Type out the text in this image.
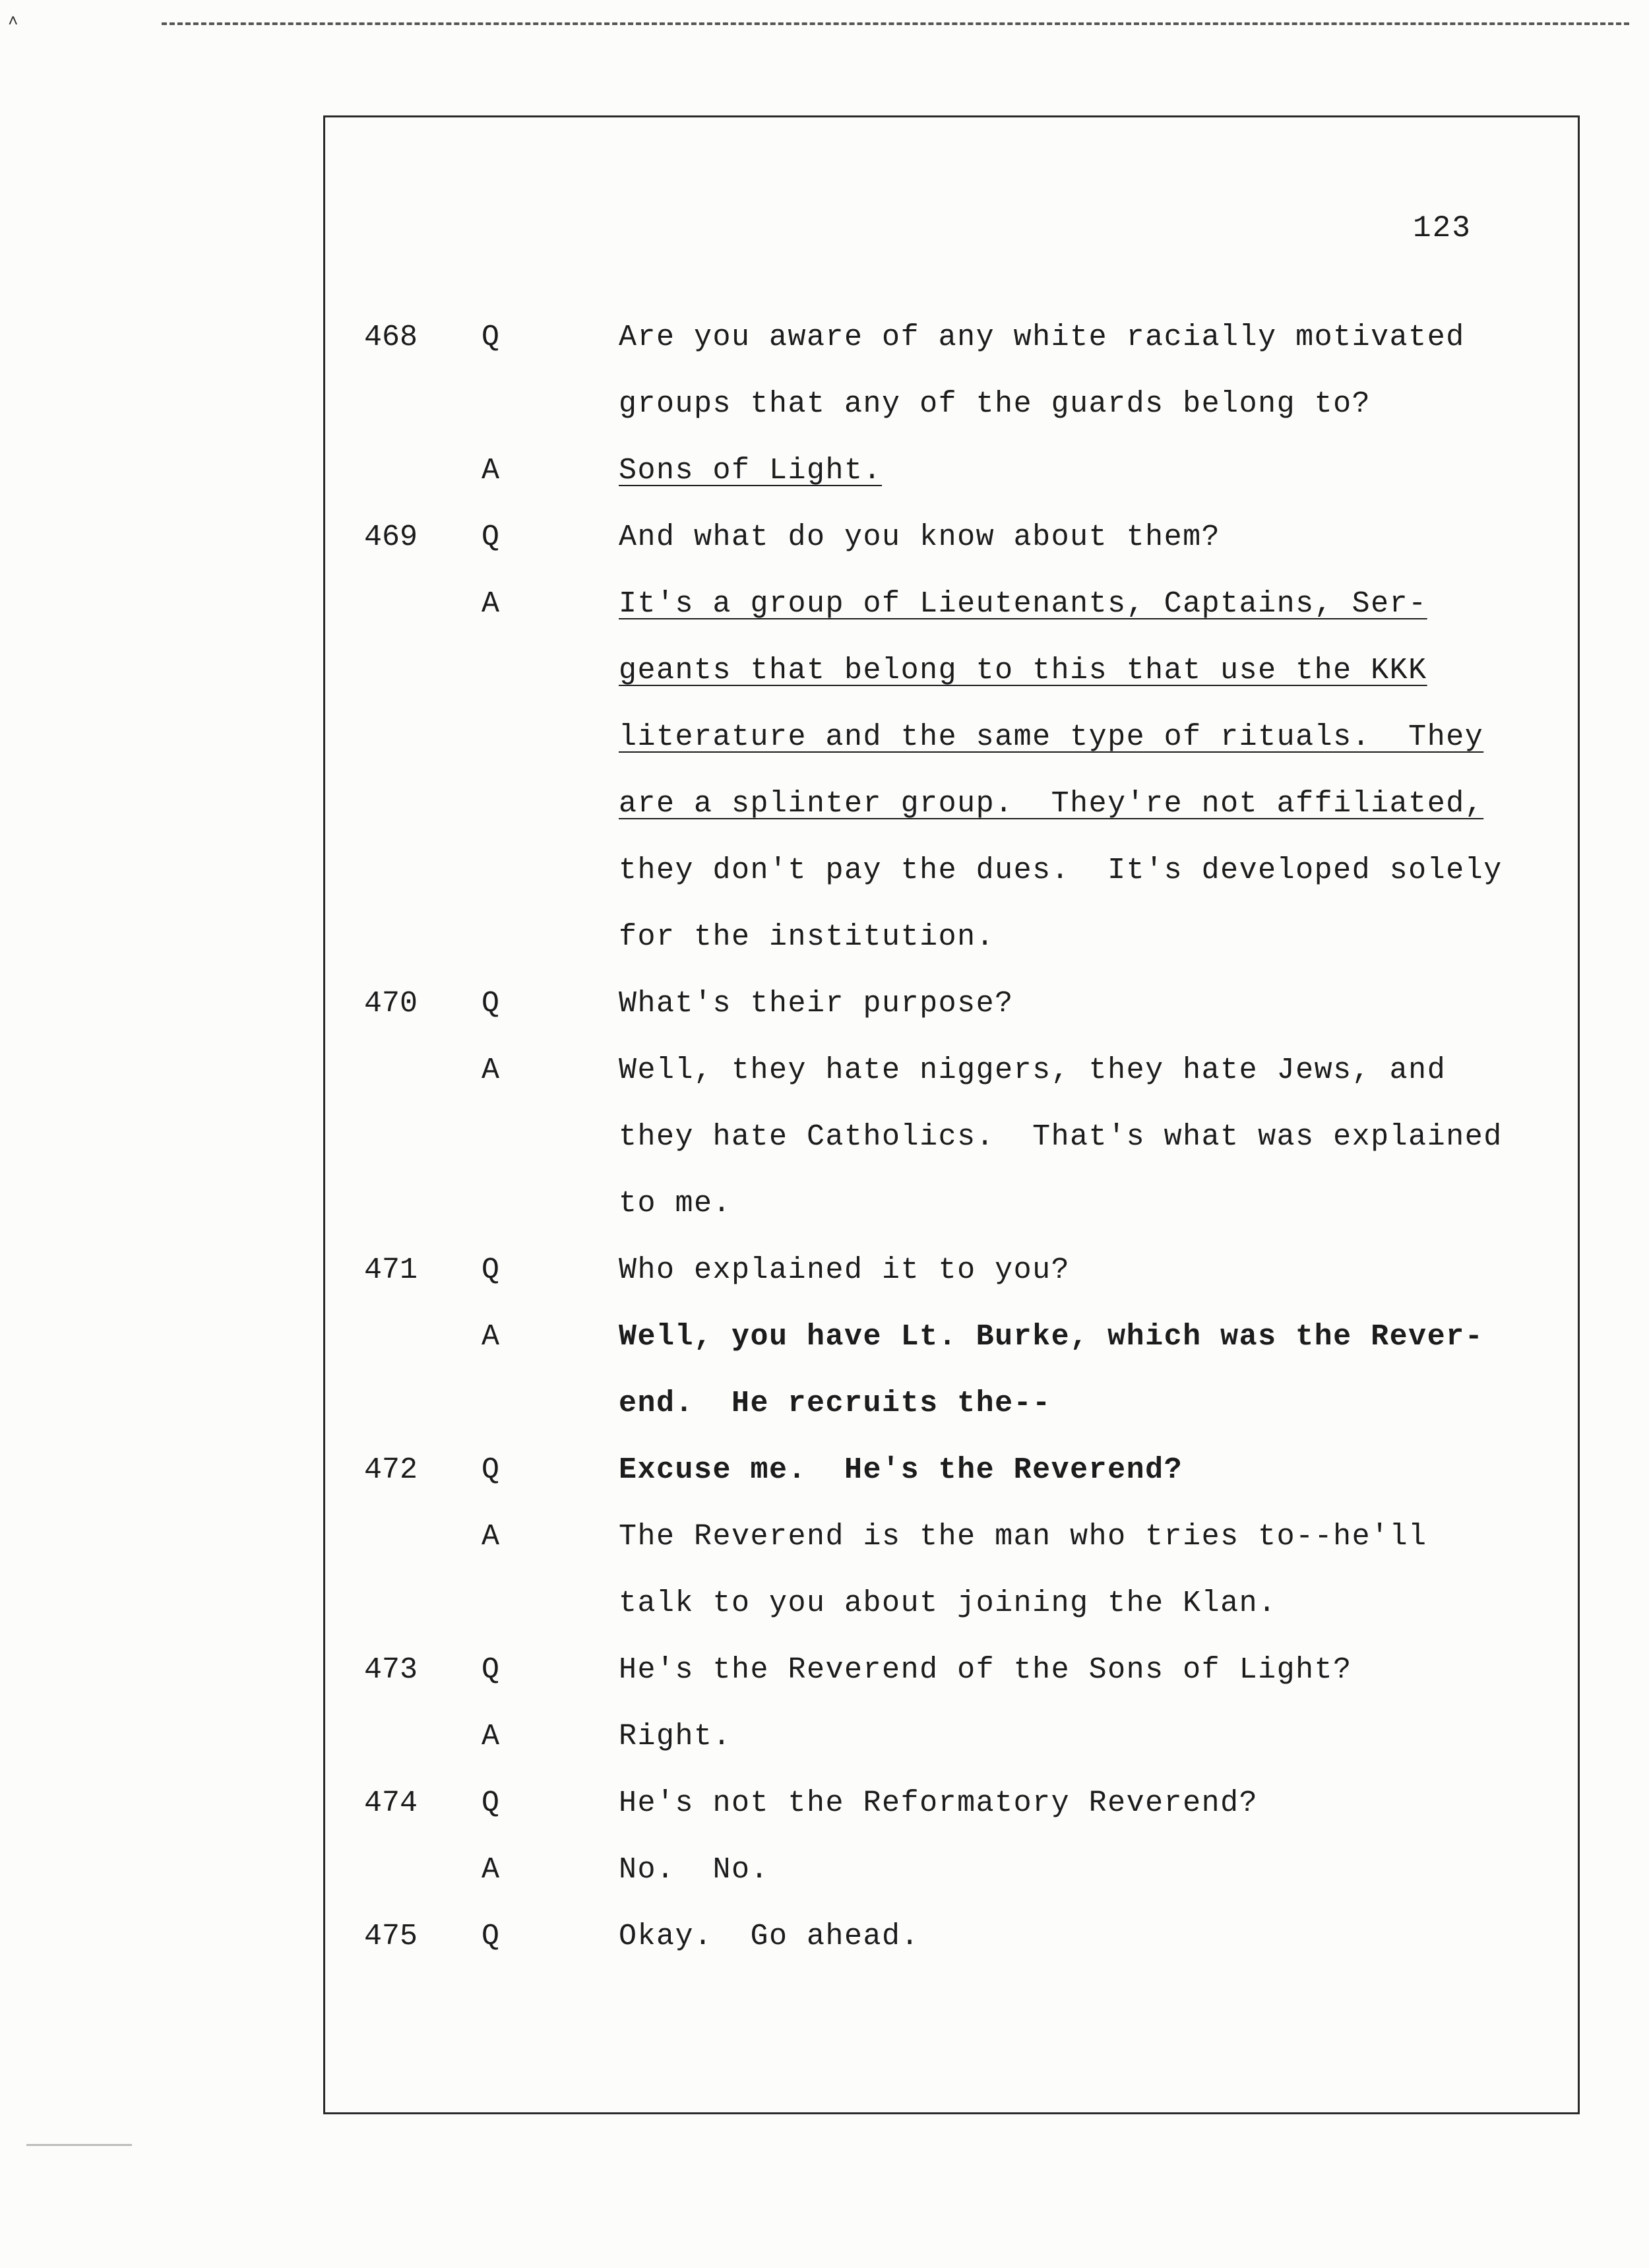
˄
123
468	Q	Are you aware of any white racially motivated
groups that any of the guards belong to?
A	Sons of Light.
469	Q	And what do you know about them?
A	It's a group of Lieutenants, Captains, Ser-
geants that belong to this that use the KKK
literature and the same type of rituals.  They
are a splinter group.  They're not affiliated,
they don't pay the dues.  It's developed solely
for the institution.
470	Q	What's their purpose?
A	Well, they hate niggers, they hate Jews, and
they hate Catholics.  That's what was explained
to me.
471	Q	Who explained it to you?
A	Well, you have Lt. Burke, which was the Rever-
end.  He recruits the--
472	Q	Excuse me.  He's the Reverend?
A	The Reverend is the man who tries to--he'll
talk to you about joining the Klan.
473	Q	He's the Reverend of the Sons of Light?
A	Right.
474	Q	He's not the Reformatory Reverend?
A	No.  No.
475	Q	Okay.  Go ahead.
